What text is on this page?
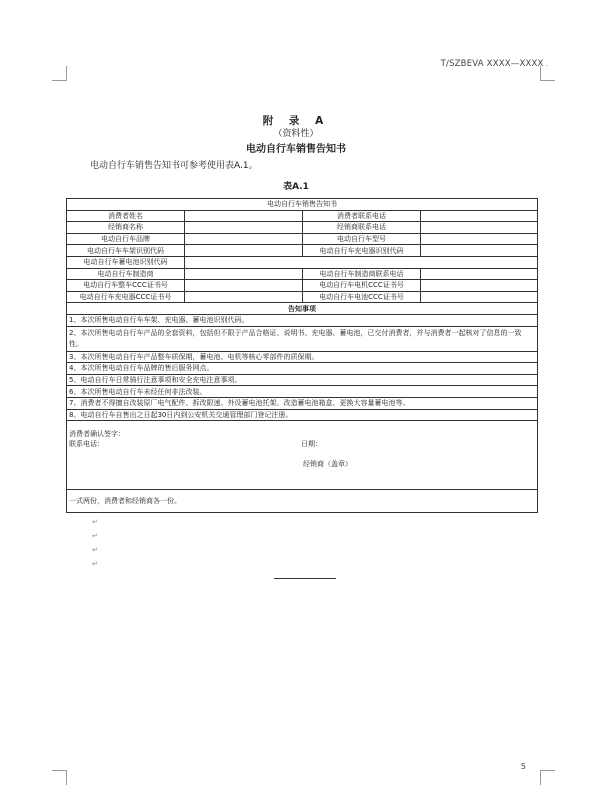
T/SZBEVA XXXX—XXXX .
附 录 A
（资料性）
电动自行车销售告知书
电动自行车销售告知书可参考使用表A.1。
表A.1
电动自行车销售告知书			
消费者姓名		消费者联系电话	
经销商名称		经销商联系电话	
电动自行车品牌		电动自行车型号	
电动自行车车架识别代码		电动自行车充电器识别代码	
电动自行车蓄电池识别代码			
电动自行车制造商		电动自行车制造商联系电话	
电动自行车整车CCC证书号		电动自行车电机CCC证书号	
电动自行车充电器CCC证书号		电动自行车电池CCC证书号	
告知事项			
1、本次所售电动自行车车架、充电器、蓄电池识别代码。			
2、本次所售电动自行车产品的全套资料，包括但不限于产品合格证、说明书、充电器、蓄电池，已交付消费者，并与消费者一起核对了信息的一致性。			
3、本次所售电动自行车产品整车质保期，蓄电池、电机等核心零部件的质保期。			
4、本次所售电动自行车品牌的售后服务网点。			
5、电动自行车日常骑行注意事项和安全充电注意事项。			
6、本次所售电动自行车未经任何非法改装。			
7、消费者不得擅自改装原厂电气配件、拆改限速、外设蓄电池托架、改造蓄电池箱盒、更换大容量蓄电池等。			
8、电动自行车自售出之日起30日内到公安机关交通管理部门登记注册。			

消费者确认签字：
联系电话： 日期：
经销商（盖章）			

一式两份，消费者和经销商各一份。			
↵
↵
↵
↵
5
